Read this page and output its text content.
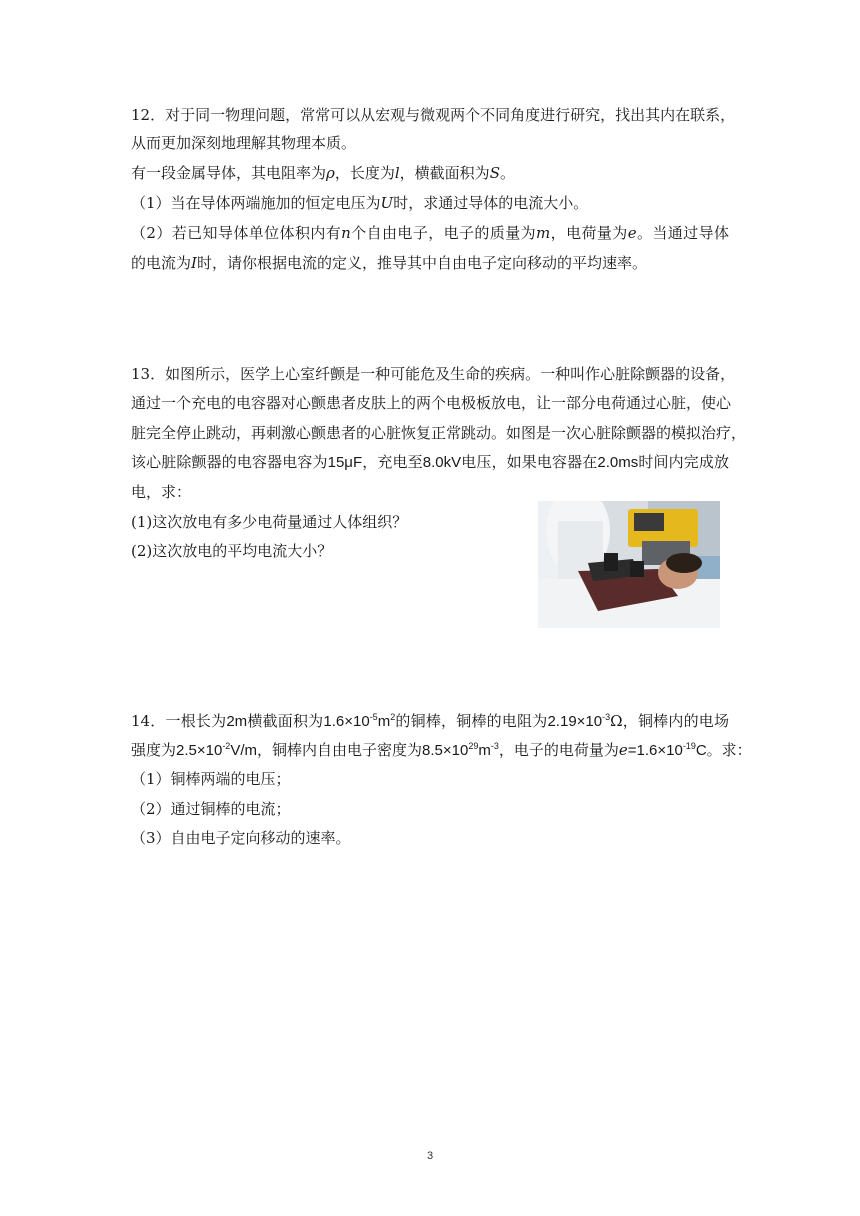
12．对于同一物理问题，常常可以从宏观与微观两个不同角度进行研究，找出其内在联系，
从而更加深刻地理解其物理本质。
有一段金属导体，其电阻率为ρ，长度为l，横截面积为S。
（1）当在导体两端施加的恒定电压为U时，求通过导体的电流大小。
（2）若已知导体单位体积内有n个自由电子，电子的质量为m，电荷量为e。当通过导体
的电流为I时，请你根据电流的定义，推导其中自由电子定向移动的平均速率。
13．如图所示，医学上心室纤颤是一种可能危及生命的疾病。一种叫作心脏除颤器的设备，
通过一个充电的电容器对心颤患者皮肤上的两个电极板放电，让一部分电荷通过心脏，使心
脏完全停止跳动，再刺激心颤患者的心脏恢复正常跳动。如图是一次心脏除颤器的模拟治疗，
该心脏除颤器的电容器电容为15μF，充电至8.0kV电压，如果电容器在2.0ms时间内完成放
电，求：
(1)这次放电有多少电荷量通过人体组织？
(2)这次放电的平均电流大小？
14．一根长为2m横截面积为$1.6\times 10^{-5}m^2$的铜棒，铜棒的电阻为$2.19\times 10^{-3}\Omega$，铜棒内的电场
强度为$2.5\times 10^{-2}V/m$，铜棒内自由电子密度为$8.5\times 10^{29}m^{-3}$，电子的电荷量为$e=1.6\times 10^{-19}C$。求：
（1）铜棒两端的电压；
（2）通过铜棒的电流；
（3）自由电子定向移动的速率。
3
